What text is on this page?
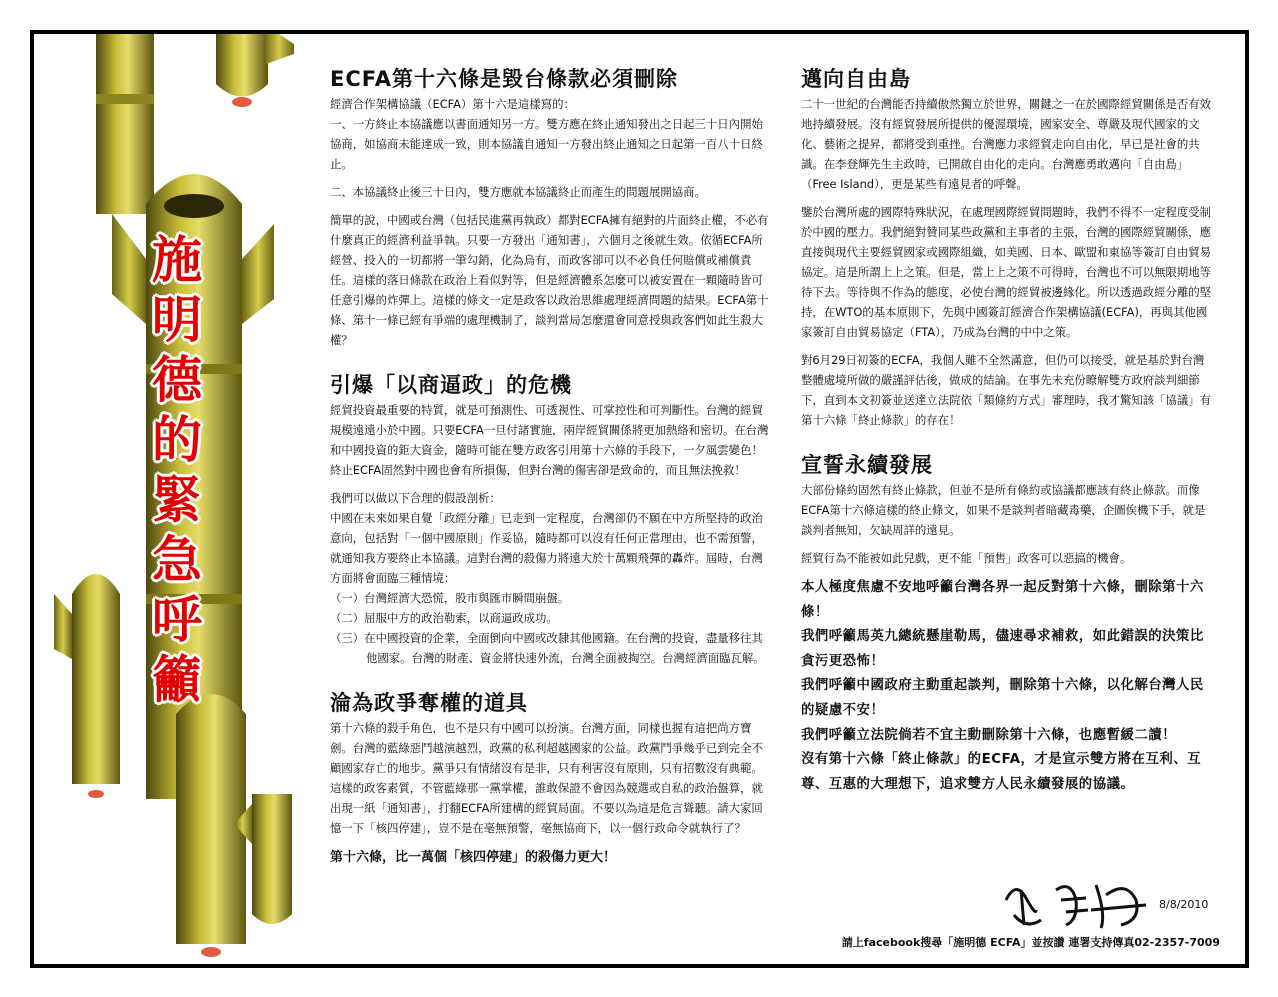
施
明
德
的
緊
急
呼
籲
ECFA第十六條是毀台條款必須刪除

經濟合作架構協議（ECFA）第十六是這樣寫的：

一、一方終止本協議應以書面通知另一方。雙方應在終止通知發出之日起三十日內開始協商，如協商未能達成一致，則本協議自通知一方發出終止通知之日起第一百八十日終止。

二、本協議終止後三十日內，雙方應就本協議終止而產生的問題展開協商。

簡單的說，中國或台灣（包括民進黨再執政）都對ECFA擁有絕對的片面終止權，不必有什麼真正的經濟利益爭執。只要一方發出「通知書」，六個月之後就生效。依循ECFA所經營、投入的一切都將一筆勾銷，化為烏有，而政客卻可以不必負任何賠償或補償責任。這樣的落日條款在政治上看似對等，但是經濟體系怎麼可以被安置在一顆隨時皆可任意引爆的炸彈上。這樣的條文一定是政客以政治思維處理經濟問題的結果。ECFA第十條、第十一條已經有爭端的處理機制了，談判當局怎麼還會同意授與政客們如此生殺大權？

引爆「以商逼政」的危機

經貿投資最重要的特質，就是可預測性、可透視性、可掌控性和可判斷性。台灣的經貿規模遠遠小於中國。只要ECFA一旦付諸實施，兩岸經貿關係將更加熱絡和密切。在台灣和中國投資的鉅大資金，隨時可能在雙方政客引用第十六條的手段下，一夕風雲變色！終止ECFA固然對中國也會有所損傷，但對台灣的傷害卻是致命的，而且無法挽救！

我們可以做以下合理的假設剖析：

中國在未來如果自覺「政經分離」已走到一定程度，台灣卻仍不願在中方所堅持的政治意向，包括對「一個中國原則」作妥協，隨時都可以沒有任何正當理由，也不需預警，就通知我方要終止本協議。這對台灣的殺傷力將遠大於十萬顆飛彈的轟炸。屆時，台灣方面將會面臨三種情境：

（一）台灣經濟大恐慌，股市與匯市瞬間崩盤。

（二）屈服中方的政治勒索，以商逼政成功。

（三）在中國投資的企業，全面倒向中國或改隸其他國籍。在台灣的投資，盡量移往其他國家。台灣的財產、資金將快速外流，台灣全面被掏空。台灣經濟面臨瓦解。

淪為政爭奪權的道具

第十六條的殺手角色，也不是只有中國可以扮演。台灣方面，同樣也握有這把尚方寶劍。台灣的藍綠惡鬥越演越烈，政黨的私利超越國家的公益。政黨鬥爭幾乎已到完全不顧國家存亡的地步。黨爭只有情緒沒有是非，只有利害沒有原則，只有招數沒有典範。這樣的政客素質，不管藍綠那一黨掌權，誰敢保證不會因為競選或自私的政治盤算，就出現一紙「通知書」，打翻ECFA所建構的經貿局面。不要以為這是危言聳聽。請大家回憶一下「核四停建」，豈不是在毫無預警，毫無協商下，以一個行政命令就執行了？

第十六條，比一萬個「核四停建」的殺傷力更大！

邁向自由島

二十一世紀的台灣能否持續傲然獨立於世界，關鍵之一在於國際經貿關係是否有效地持續發展。沒有經貿發展所提供的優渥環境，國家安全、尊嚴及現代國家的文化、藝術之提昇，都將受到重挫。台灣應力求經貿走向自由化，早已是社會的共識。在李登輝先生主政時，已開啟自由化的走向。台灣應勇敢邁向「自由島」（Free Island），更是某些有遠見者的呼聲。

鑒於台灣所處的國際特殊狀況，在處理國際經貿問題時，我們不得不一定程度受制於中國的壓力。我們絕對贊同某些政黨和主事者的主張，台灣的國際經貿關係，應直接與現代主要經貿國家或國際組織，如美國、日本、歐盟和東協等簽訂自由貿易協定。這是所謂上上之策。但是，當上上之策不可得時，台灣也不可以無限期地等待下去。等待與不作為的態度，必使台灣的經貿被邊緣化。所以透過政經分離的堅持，在WTO的基本原則下，先與中國簽訂經濟合作架構協議(ECFA)，再與其他國家簽訂自由貿易協定（FTA），乃成為台灣的中中之策。

對6月29日初簽的ECFA，我個人雖不全然滿意，但仍可以接受，就是基於對台灣整體處境所做的嚴謹評估後，做成的結論。在事先未充份瞭解雙方政府談判細節下，直到本文初簽並送達立法院依「類條約方式」審理時，我才驚知該「協議」有第十六條「終止條款」的存在！

宣誓永續發展

大部份條約固然有終止條款，但並不是所有條約或協議都應該有終止條款。而像ECFA第十六條這樣的終止條文，如果不是談判者暗藏毒藥，企圖俟機下手，就是談判者無知，欠缺周詳的遠見。

經貿行為不能被如此兒戲，更不能「預售」政客可以惡搞的機會。

本人極度焦慮不安地呼籲台灣各界一起反對第十六條，刪除第十六條！

我們呼籲馬英九總統懸崖勒馬，儘速尋求補救，如此錯誤的決策比貪污更恐怖！

我們呼籲中國政府主動重起談判，刪除第十六條，以化解台灣人民的疑慮不安！

我們呼籲立法院倘若不宜主動刪除第十六條，也應暫緩二讀！

沒有第十六條「終止條款」的ECFA，才是宣示雙方將在互利、互尊、互惠的大理想下，追求雙方人民永續發展的協議。

8/8/2010
請上facebook搜尋「施明德 ECFA」並按讚 連署支持傳真02-2357-7009
